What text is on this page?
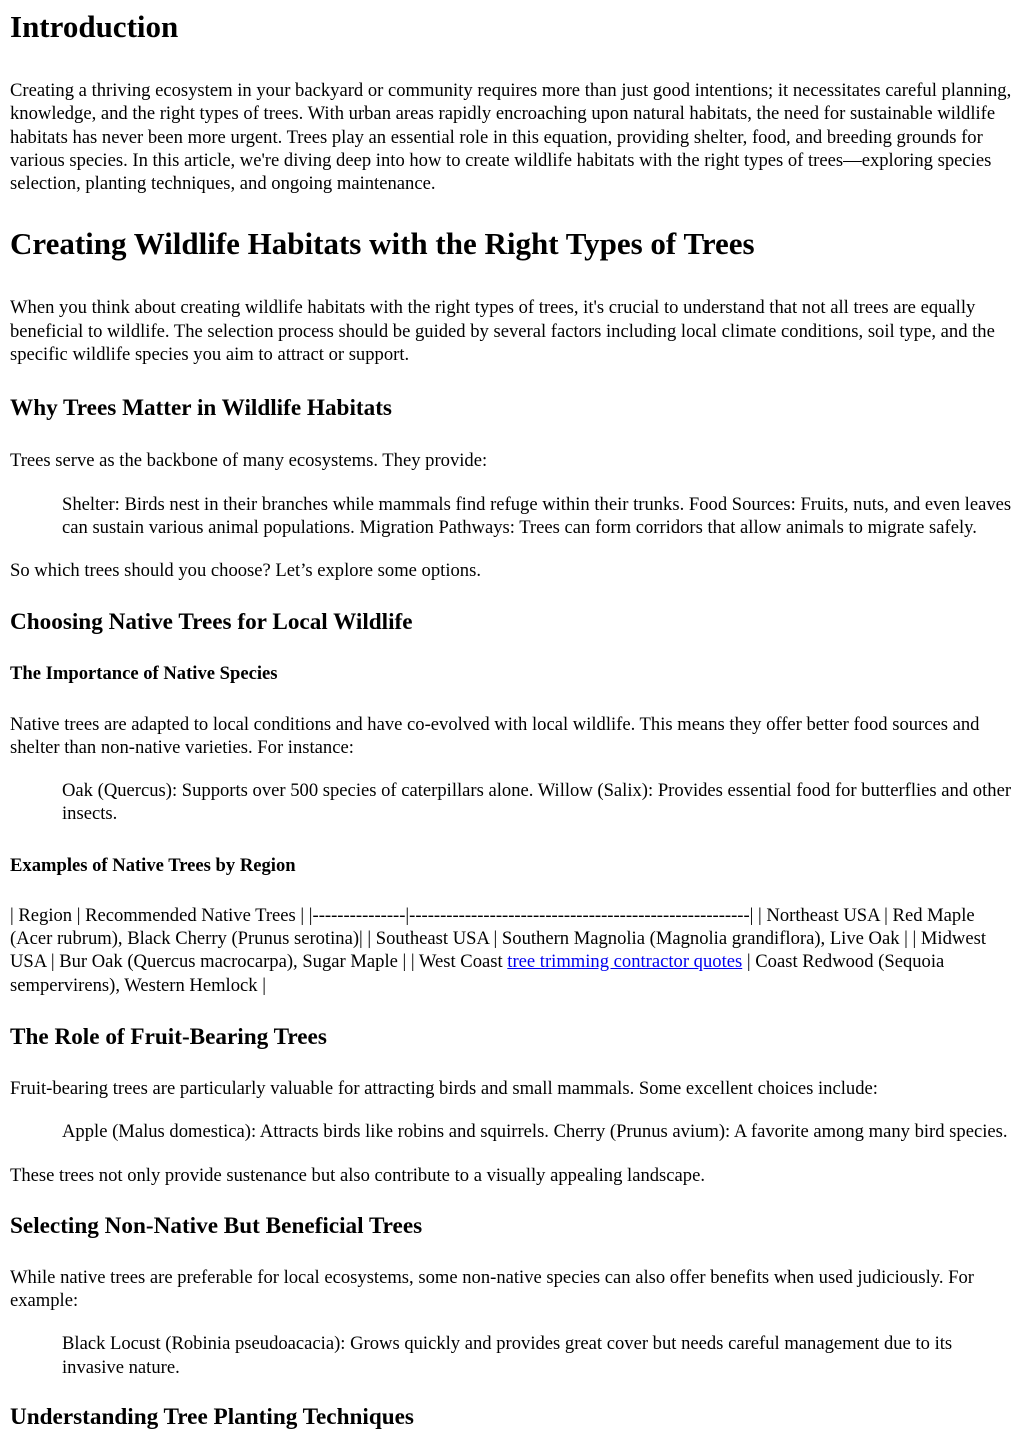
Introduction

Creating a thriving ecosystem in your backyard or community requires more than just good intentions; it necessitates careful planning, knowledge, and the right types of trees. With urban areas rapidly encroaching upon natural habitats, the need for sustainable wildlife habitats has never been more urgent. Trees play an essential role in this equation, providing shelter, food, and breeding grounds for various species. In this article, we're diving deep into how to create wildlife habitats with the right types of trees—exploring species selection, planting techniques, and ongoing maintenance.

Creating Wildlife Habitats with the Right Types of Trees

When you think about creating wildlife habitats with the right types of trees, it's crucial to understand that not all trees are equally beneficial to wildlife. The selection process should be guided by several factors including local climate conditions, soil type, and the specific wildlife species you aim to attract or support.

Why Trees Matter in Wildlife Habitats

Trees serve as the backbone of many ecosystems. They provide:

Shelter: Birds nest in their branches while mammals find refuge within their trunks. Food Sources: Fruits, nuts, and even leaves can sustain various animal populations. Migration Pathways: Trees can form corridors that allow animals to migrate safely.

So which trees should you choose? Let’s explore some options.

Choosing Native Trees for Local Wildlife
The Importance of Native Species

Native trees are adapted to local conditions and have co-evolved with local wildlife. This means they offer better food sources and shelter than non-native varieties. For instance:

Oak (Quercus): Supports over 500 species of caterpillars alone. Willow (Salix): Provides essential food for butterflies and other insects.
Examples of Native Trees by Region

| Region | Recommended Native Trees | |---------------|-------------------------------------------------------| | Northeast USA | Red Maple (Acer rubrum), Black Cherry (Prunus serotina)| | Southeast USA | Southern Magnolia (Magnolia grandiflora), Live Oak | | Midwest USA | Bur Oak (Quercus macrocarpa), Sugar Maple | | West Coast tree trimming contractor quotes | Coast Redwood (Sequoia sempervirens), Western Hemlock |

The Role of Fruit-Bearing Trees

Fruit-bearing trees are particularly valuable for attracting birds and small mammals. Some excellent choices include:

Apple (Malus domestica): Attracts birds like robins and squirrels. Cherry (Prunus avium): A favorite among many bird species.

These trees not only provide sustenance but also contribute to a visually appealing landscape.

Selecting Non-Native But Beneficial Trees

While native trees are preferable for local ecosystems, some non-native species can also offer benefits when used judiciously. For example:

Black Locust (Robinia pseudoacacia): Grows quickly and provides great cover but needs careful management due to its invasive nature.
Understanding Tree Planting Techniques
